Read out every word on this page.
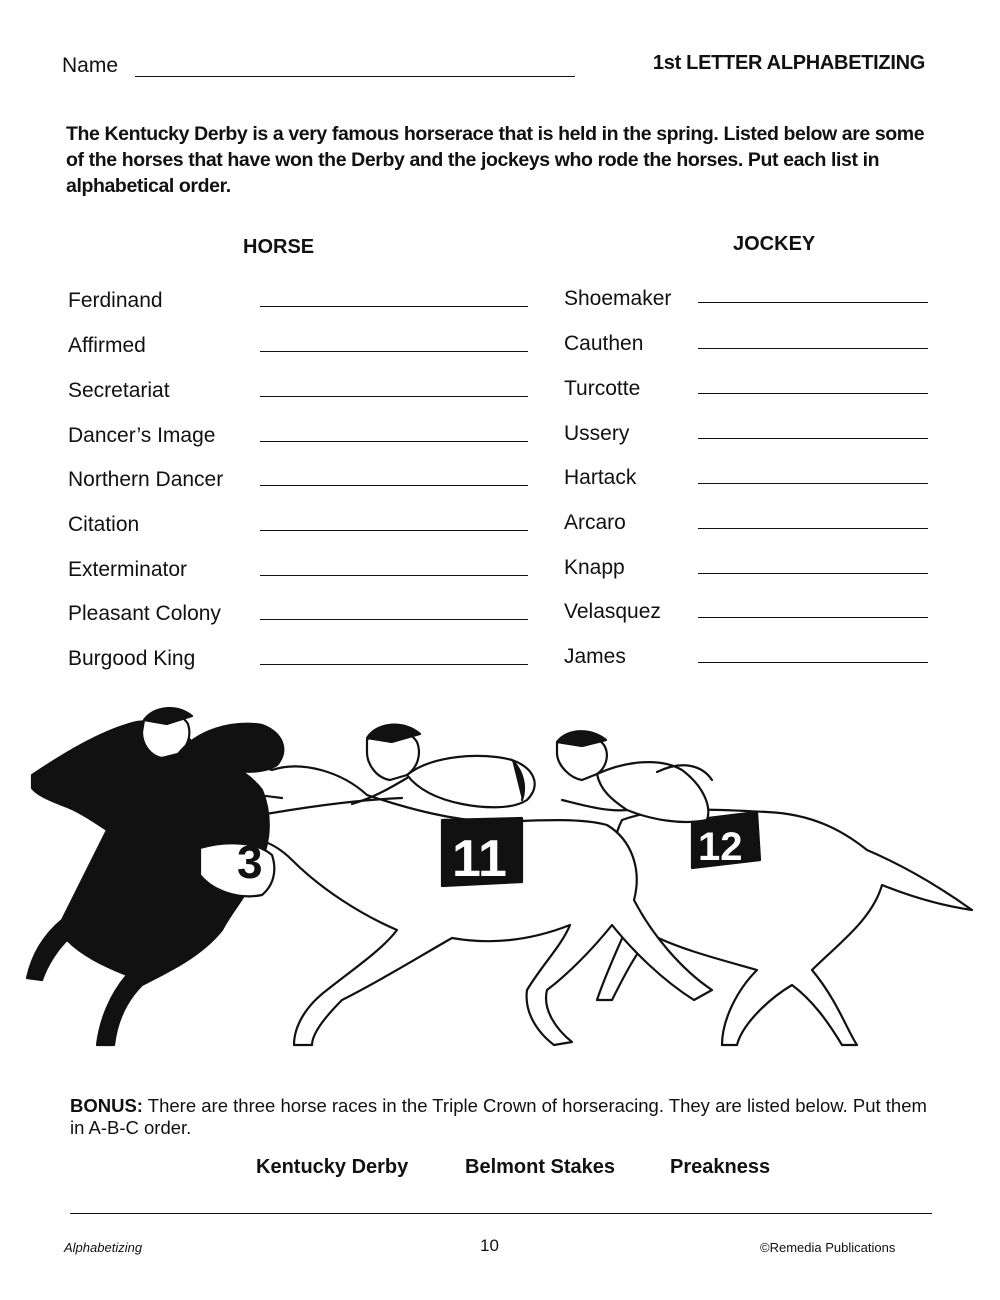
Name	1st LETTER ALPHABETIZING
The Kentucky Derby is a very famous horserace that is held in the spring. Listed below are some of the horses that have won the Derby and the jockeys who rode the horses. Put each list in alphabetical order.
HORSE	JOCKEY
Ferdinand
Affirmed
Secretariat
Dancer’s Image
Northern Dancer
Citation
Exterminator
Pleasant Colony
Burgood King
Shoemaker
Cauthen
Turcotte
Ussery
Hartack
Arcaro
Knapp
Velasquez
James
3	11	12
BONUS: There are three horse races in the Triple Crown of horseracing. They are listed below. Put them in A-B-C order.
Kentucky Derby	Belmont Stakes	Preakness
Alphabetizing	10	©Remedia Publications
